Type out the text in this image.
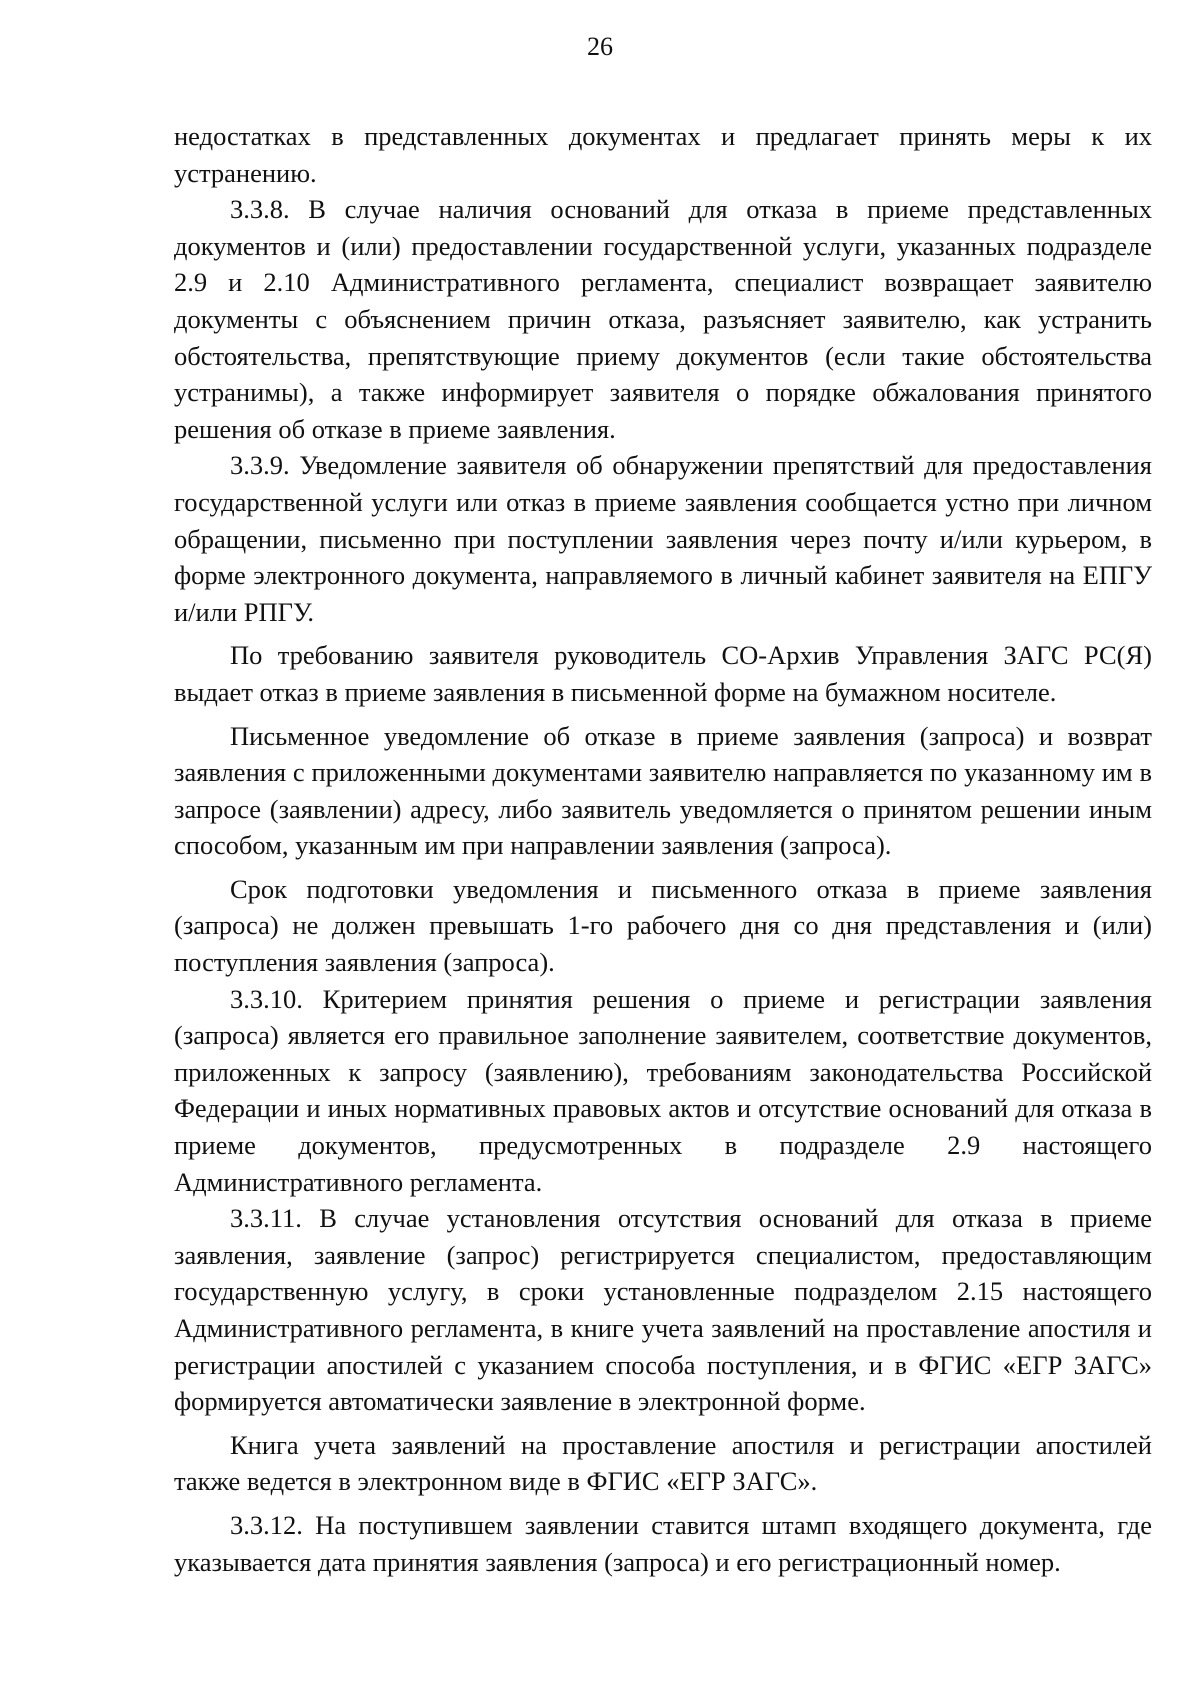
26

недостатках в представленных документах и предлагает принять меры к их устранению.

3.3.8. В случае наличия оснований для отказа в приеме представленных документов и (или) предоставлении государственной услуги, указанных подразделе 2.9 и 2.10 Административного регламента, специалист возвращает заявителю документы с объяснением причин отказа, разъясняет заявителю, как устранить обстоятельства, препятствующие приему документов (если такие обстоятельства устранимы), а также информирует заявителя о порядке обжалования принятого решения об отказе в приеме заявления.

3.3.9. Уведомление заявителя об обнаружении препятствий для предоставления государственной услуги или отказ в приеме заявления сообщается устно при личном обращении, письменно при поступлении заявления через почту и/или курьером, в форме электронного документа, направляемого в личный кабинет заявителя на ЕПГУ и/или РПГУ.

По требованию заявителя руководитель СО-Архив Управления ЗАГС РС(Я) выдает отказ в приеме заявления в письменной форме на бумажном носителе.

Письменное уведомление об отказе в приеме заявления (запроса) и возврат заявления с приложенными документами заявителю направляется по указанному им в запросе (заявлении) адресу, либо заявитель уведомляется о принятом решении иным способом, указанным им при направлении заявления (запроса).

Срок подготовки уведомления и письменного отказа в приеме заявления (запроса) не должен превышать 1-го рабочего дня со дня представления и (или) поступления заявления (запроса).

3.3.10. Критерием принятия решения о приеме и регистрации заявления (запроса) является его правильное заполнение заявителем, соответствие документов, приложенных к запросу (заявлению), требованиям законодательства Российской Федерации и иных нормативных правовых актов и отсутствие оснований для отказа в приеме документов, предусмотренных в подразделе 2.9 настоящего Административного регламента.

3.3.11. В случае установления отсутствия оснований для отказа в приеме заявления, заявление (запрос) регистрируется специалистом, предоставляющим государственную услугу, в сроки установленные подразделом 2.15 настоящего Административного регламента, в книге учета заявлений на проставление апостиля и регистрации апостилей с указанием способа поступления, и в ФГИС «ЕГР ЗАГС» формируется автоматически заявление в электронной форме.

Книга учета заявлений на проставление апостиля и регистрации апостилей также ведется в электронном виде в ФГИС «ЕГР ЗАГС».

3.3.12. На поступившем заявлении ставится штамп входящего документа, где указывается дата принятия заявления (запроса) и его регистрационный номер.
